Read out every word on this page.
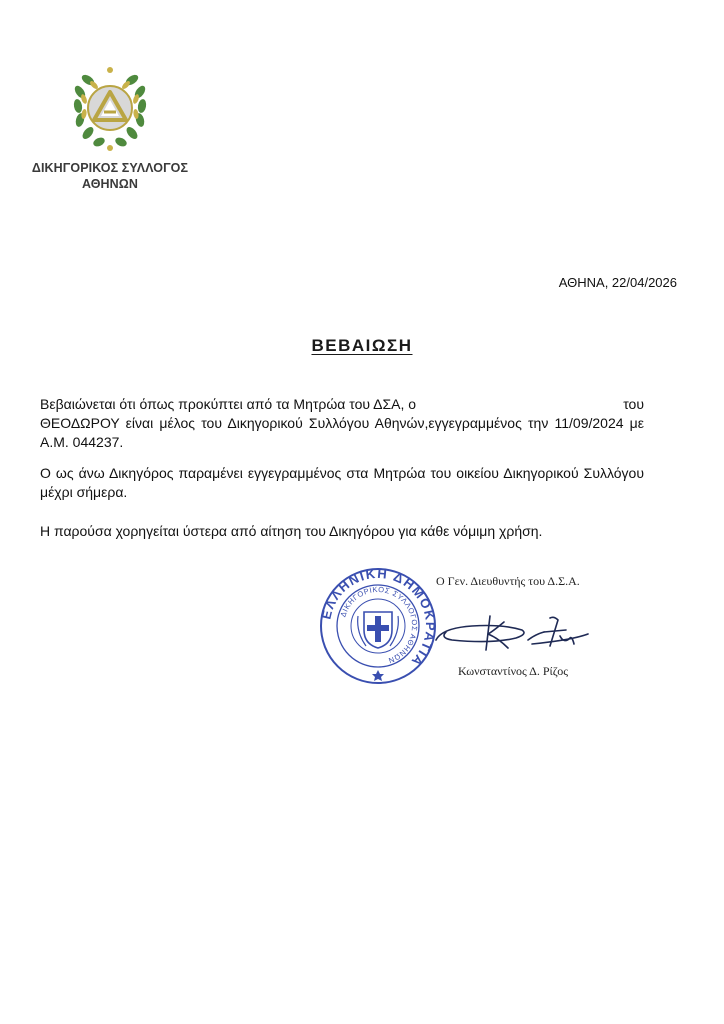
ΔΙΚΗΓΟΡΙΚΟΣ ΣΥΛΛΟΓΟΣ
ΑΘΗΝΩΝ
ΑΘΗΝΑ, 22/04/2026
ΒΕΒΑΙΩΣΗ
Βεβαιώνεται ότι όπως προκύπτει από τα Μητρώα του ΔΣΑ, ο	του
ΘΕΟΔΩΡΟΥ είναι μέλος του Δικηγορικού Συλλόγου Αθηνών,εγγεγραμμένος την 11/09/2024 με Α.Μ. 044237.
Ο ως άνω Δικηγόρος παραμένει εγγεγραμμένος στα Μητρώα του οικείου Δικηγορικού Συλλόγου μέχρι σήμερα.
Η παρούσα χορηγείται ύστερα από αίτηση του Δικηγόρου για κάθε νόμιμη χρήση.
ΕΛΛΗΝΙΚΗ ΔΗΜΟΚΡΑΤΙΑ
ΔΙΚΗΓΟΡΙΚΟΣ ΣΥΛΛΟΓΟΣ ΑΘΗΝΩΝ
Ο Γεν. Διευθυντής του Δ.Σ.Α.
Κωνσταντίνος Δ. Ρίζος
